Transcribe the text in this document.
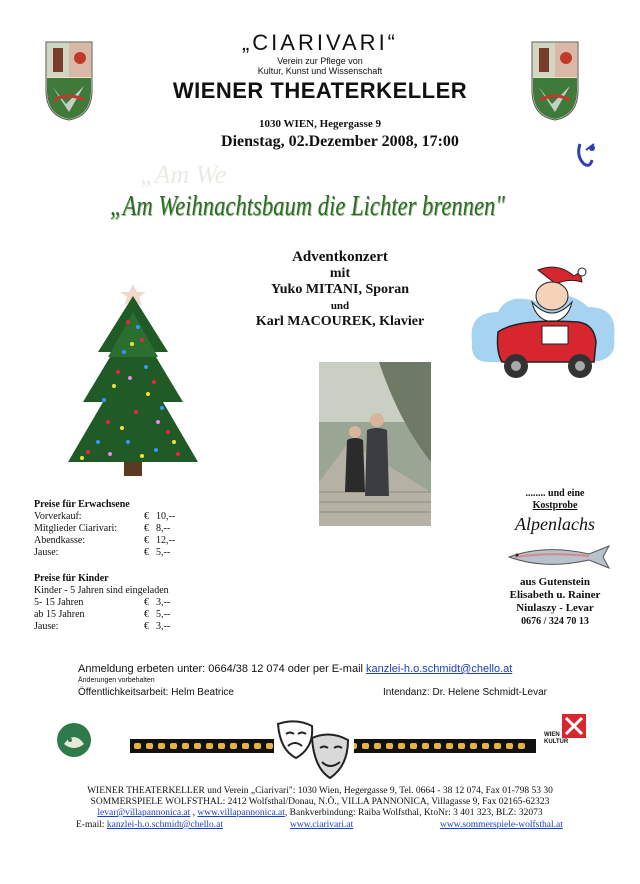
„CIARIVARI“
Verein zur Pflege von
Kultur, Kunst und Wissenschaft
WIENER THEATERKELLER
1030 WIEN, Hegergasse 9
Dienstag, 02.Dezember 2008, 17:00
„Am We
„Am Weihnachtsbaum die Lichter brennen"
Adventkonzert
mit
Yuko MITANI, Sporan
und
Karl MACOUREK, Klavier
Preise für Erwachsene
Vorverkauf:	€ 10,--
Mitglieder Ciarivari:	€ 8,--
Abendkasse:	€ 12,--
Jause:	€ 5,--
Preise für Kinder
Kinder - 5 Jahren sind eingeladen
5- 15 Jahren	€ 3,--
ab 15 Jahren	€ 5,--
Jause:	€ 3,--
........ und eine
Kostprobe
Alpenlachs
aus Gutenstein
Elisabeth u. Rainer
Niulaszy - Levar
0676 / 324 70 13
Anmeldung erbeten unter: 0664/38 12 074 oder per E-mail kanzlei-h.o.schmidt@chello.at
Änderungen vorbehalten
Öffentlichkeitsarbeit: Helm Beatrice	Intendanz: Dr. Helene Schmidt-Levar
WIEN KULTUR
WIENER THEATERKELLER und Verein „Ciarivari": 1030 Wien, Hegergasse 9, Tel. 0664 - 38 12 074, Fax 01-798 53 30
SOMMERSPIELE WOLFSTHAL: 2412 Wolfsthal/Donau, N.Ö., VILLA PANNONICA, Villagasse 9, Fax 02165-62323
levar@villapannonica.at , www.villapannonica.at, Bankverbindung: Raiba Wolfsthal, KtoNr: 3 401 323, BLZ: 32073
E-mail: kanzlei-h.o.schmidt@chello.at	www.ciarivari.at	www.sommerspiele-wolfsthal.at
